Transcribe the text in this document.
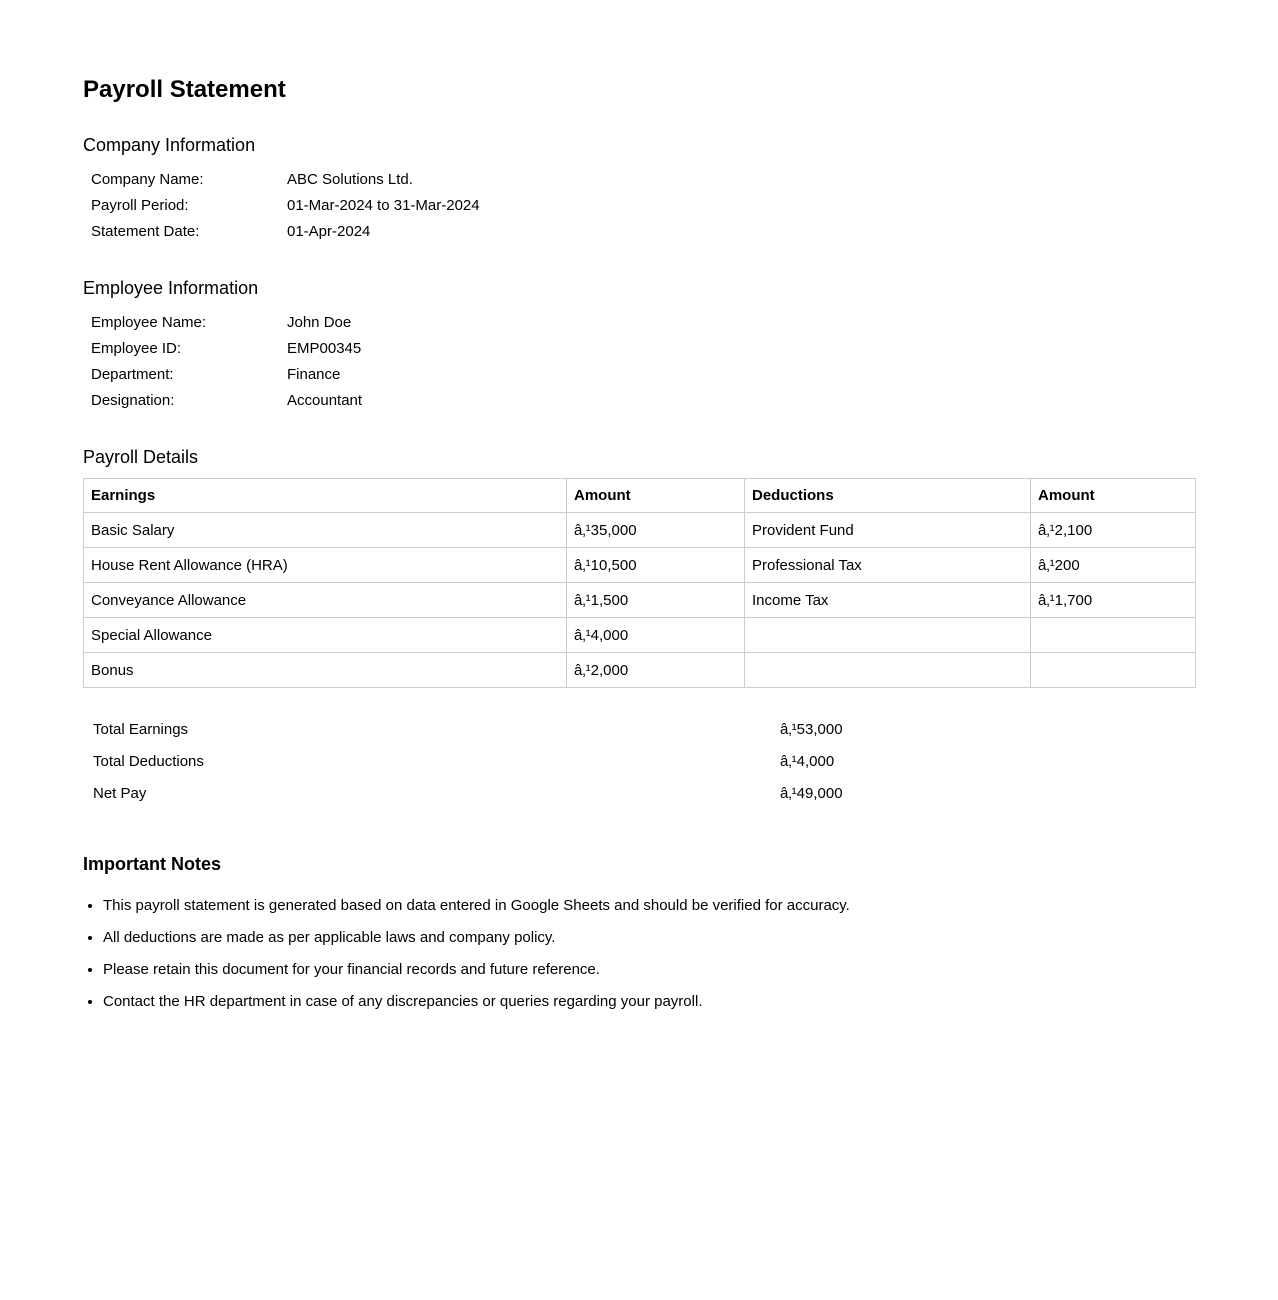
Payroll Statement
Company Information
Company Name:	ABC Solutions Ltd.
Payroll Period:	01-Mar-2024 to 31-Mar-2024
Statement Date:	01-Apr-2024
Employee Information
Employee Name:	John Doe
Employee ID:	EMP00345
Department:	Finance
Designation:	Accountant
Payroll Details
Earnings	Amount	Deductions	Amount
Basic Salary	â‚¹35,000	Provident Fund	â‚¹2,100
House Rent Allowance (HRA)	â‚¹10,500	Professional Tax	â‚¹200
Conveyance Allowance	â‚¹1,500	Income Tax	â‚¹1,700
Special Allowance	â‚¹4,000		
Bonus	â‚¹2,000		
Total Earnings	â‚¹53,000
Total Deductions	â‚¹4,000
Net Pay	â‚¹49,000
Important Notes
• This payroll statement is generated based on data entered in Google Sheets and should be verified for accuracy.
• All deductions are made as per applicable laws and company policy.
• Please retain this document for your financial records and future reference.
• Contact the HR department in case of any discrepancies or queries regarding your payroll.
